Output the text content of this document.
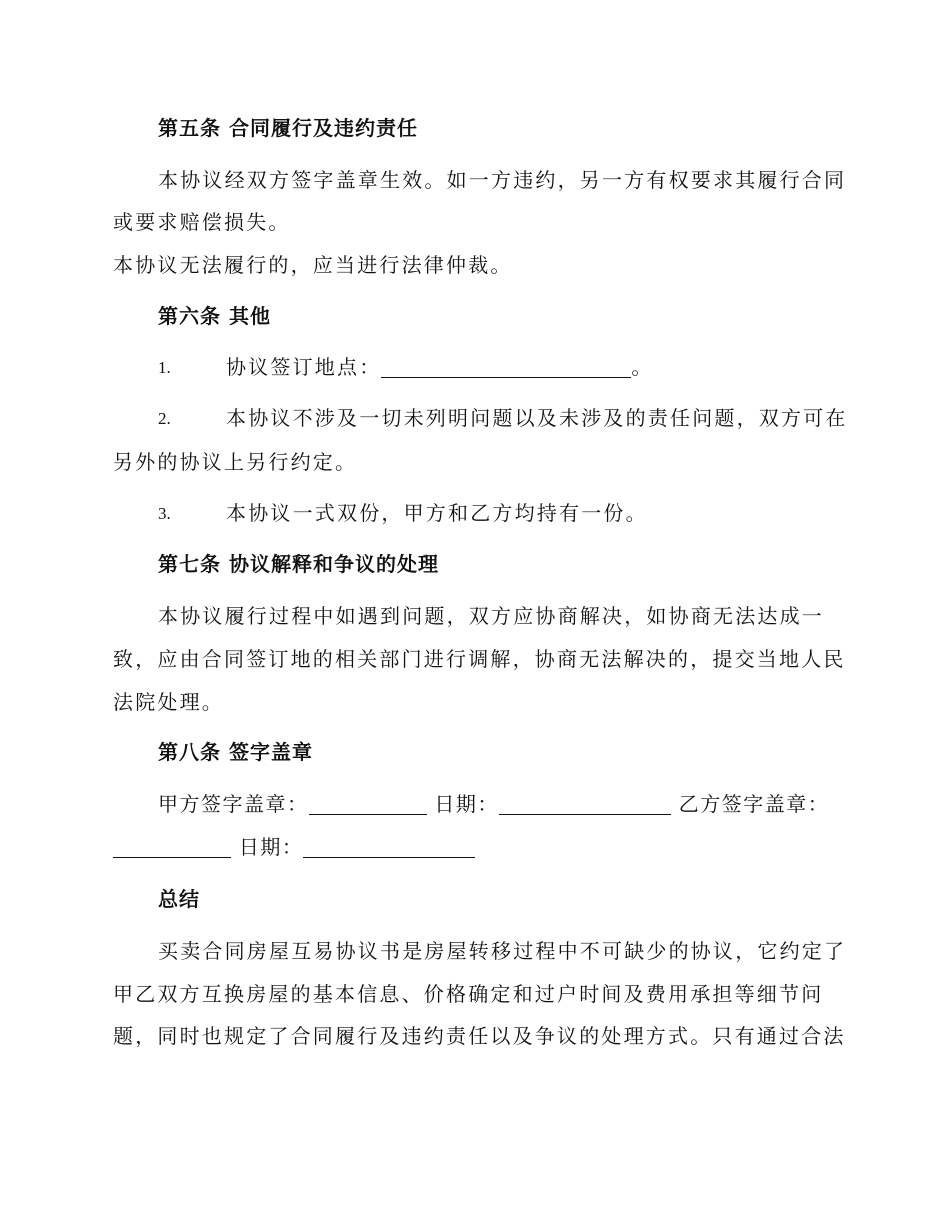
第五条 合同履行及违约责任
本协议经双方签字盖章生效。如一方违约，另一方有权要求其履行合同
或要求赔偿损失。
本协议无法履行的，应当进行法律仲裁。
第六条 其他
1.	协议签订地点：	。
2.	本协议不涉及一切未列明问题以及未涉及的责任问题，双方可在
另外的协议上另行约定。
3.	本协议一式双份，甲方和乙方均持有一份。
第七条 协议解释和争议的处理
本协议履行过程中如遇到问题，双方应协商解决，如协商无法达成一
致，应由合同签订地的相关部门进行调解，协商无法解决的，提交当地人民
法院处理。
第八条 签字盖章
甲方签字盖章：	日期：	乙方签字盖章：
日期：
总结
买卖合同房屋互易协议书是房屋转移过程中不可缺少的协议，它约定了
甲乙双方互换房屋的基本信息、价格确定和过户时间及费用承担等细节问
题，同时也规定了合同履行及违约责任以及争议的处理方式。只有通过合法
